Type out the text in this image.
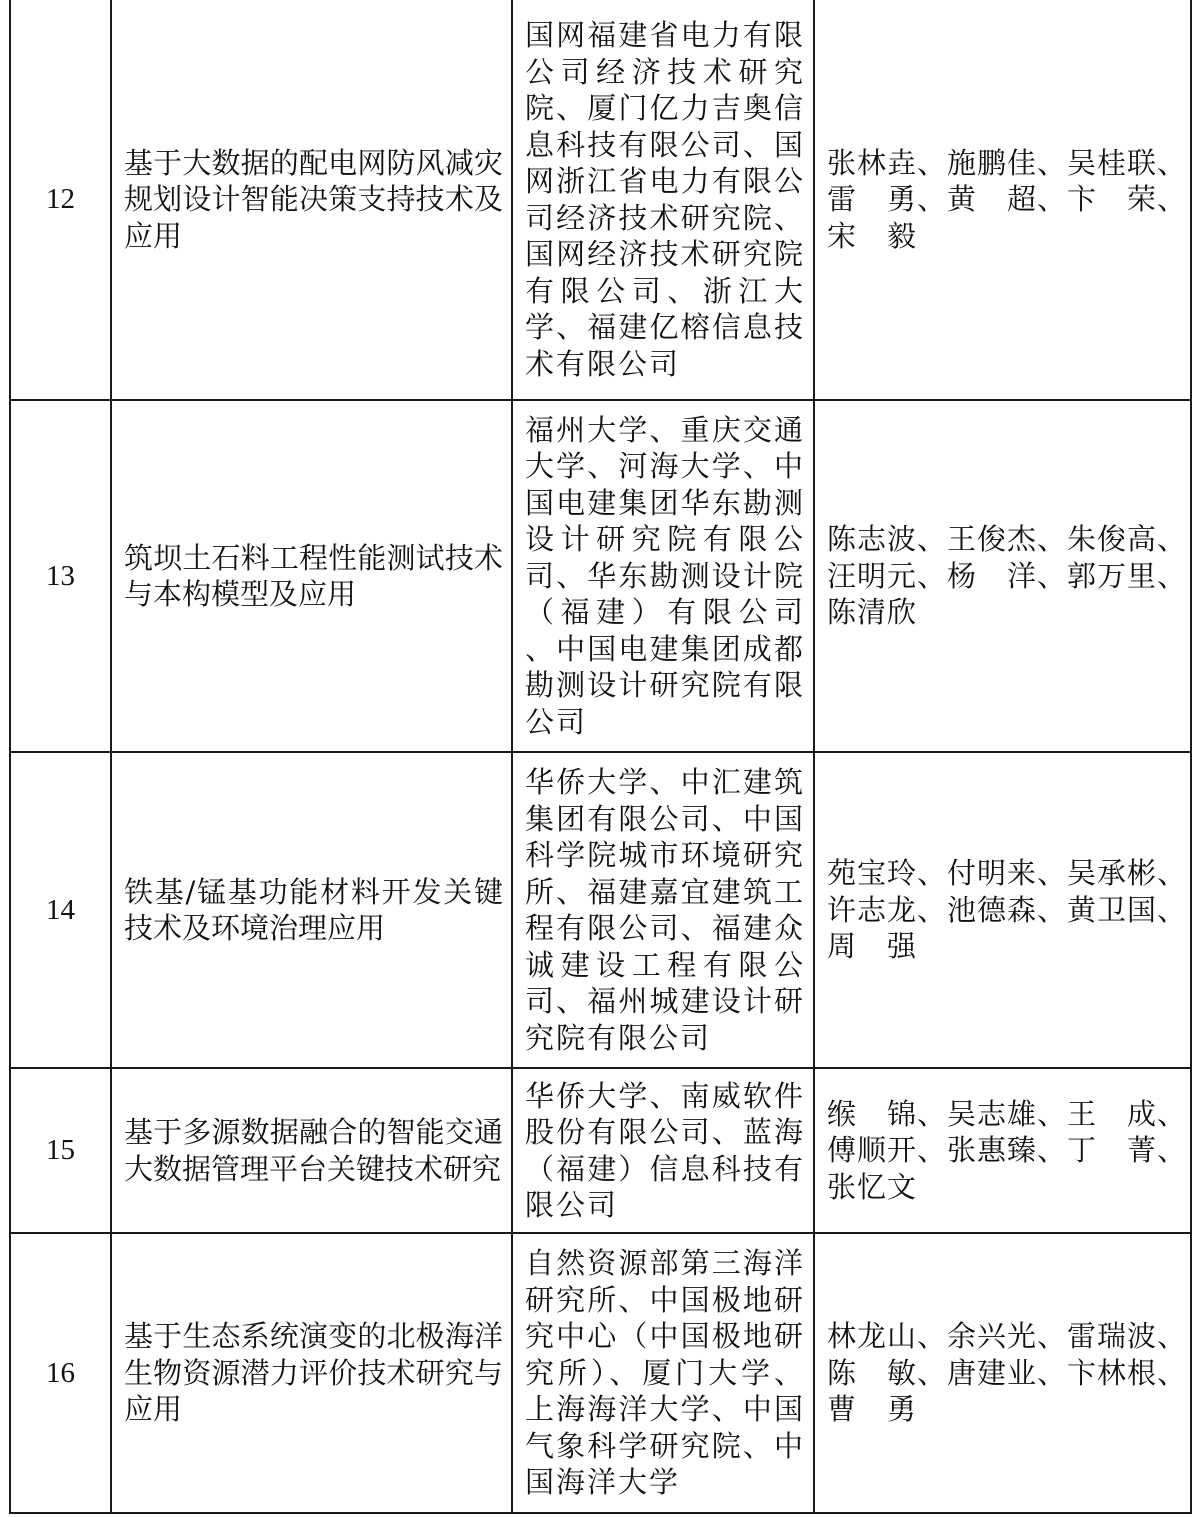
12	基于大数据的配电网防风减灾规划设计智能决策支持技术及应用	国网福建省电力有限公司经济技术研究院、厦门亿力吉奥信息科技有限公司、国网浙江省电力有限公司经济技术研究院、国网经济技术研究院有限公司、浙江大学、福建亿榕信息技术有限公司	张林垚、施鹏佳、吴桂联、
雷　勇、黄　超、卞　荣、
宋　毅

13	筑坝土石料工程性能测试技术与本构模型及应用	福州大学、重庆交通大学、河海大学、中国电建集团华东勘测设计研究院有限公司、华东勘测设计院（福建）有限公司 、中国电建集团成都勘测设计研究院有限公司	陈志波、王俊杰、朱俊高、
汪明元、杨　洋、郭万里、
陈清欣

14	铁基/锰基功能材料开发关键技术及环境治理应用	华侨大学、中汇建筑集团有限公司、中国科学院城市环境研究所、福建嘉宜建筑工程有限公司、福建众诚建设工程有限公司、福州城建设计研究院有限公司	苑宝玲、付明来、吴承彬、
许志龙、池德森、黄卫国、
周　强

15	基于多源数据融合的智能交通大数据管理平台关键技术研究	华侨大学、南威软件股份有限公司、蓝海（福建）信息科技有限公司	缑　锦、吴志雄、王　成、
傅顺开、张惠臻、丁　菁、
张忆文

16	基于生态系统演变的北极海洋生物资源潜力评价技术研究与应用	自然资源部第三海洋研究所、中国极地研究中心（中国极地研究所）、厦门大学、上海海洋大学、中国气象科学研究院、中国海洋大学	林龙山、余兴光、雷瑞波、
陈　敏、唐建业、卞林根、
曹　勇
